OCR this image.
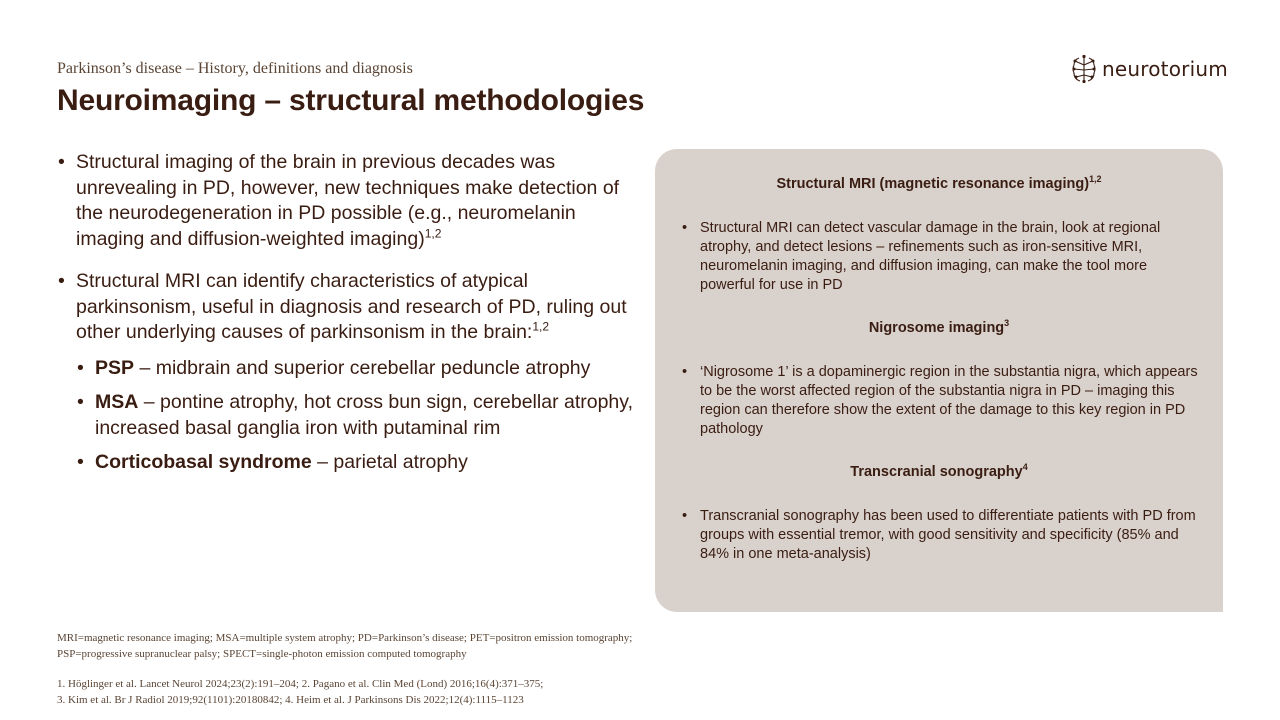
Parkinson’s disease – History, definitions and diagnosis

Neuroimaging – structural methodologies
neurotorium
• Structural imaging of the brain in previous decades was unrevealing in PD, however, new techniques make detection of the neurodegeneration in PD possible (e.g., neuromelanin imaging and diffusion-weighted imaging)$^{1,2}$
• Structural MRI can identify characteristics of atypical parkinsonism, useful in diagnosis and research of PD, ruling out other underlying causes of parkinsonism in the brain:$^{1,2}$
• PSP – midbrain and superior cerebellar peduncle atrophy
• MSA – pontine atrophy, hot cross bun sign, cerebellar atrophy, increased basal ganglia iron with putaminal rim
• Corticobasal syndrome – parietal atrophy
Structural MRI (magnetic resonance imaging)$^{1,2}$
• Structural MRI can detect vascular damage in the brain, look at regional atrophy, and detect lesions – refinements such as iron-sensitive MRI, neuromelanin imaging, and diffusion imaging, can make the tool more powerful for use in PD
Nigrosome imaging$^3$
• ‘Nigrosome 1’ is a dopaminergic region in the substantia nigra, which appears to be the worst affected region of the substantia nigra in PD – imaging this region can therefore show the extent of the damage to this key region in PD pathology
Transcranial sonography$^4$
• Transcranial sonography has been used to differentiate patients with PD from groups with essential tremor, with good sensitivity and specificity (85% and 84% in one meta-analysis)

MRI=magnetic resonance imaging; MSA=multiple system atrophy; PD=Parkinson’s disease; PET=positron emission tomography;

PSP=progressive supranuclear palsy; SPECT=single-photon emission computed tomography

1. Höglinger et al. Lancet Neurol 2024;23(2):191–204; 2. Pagano et al. Clin Med (Lond) 2016;16(4):371–375;

3. Kim et al. Br J Radiol 2019;92(1101):20180842; 4. Heim et al. J Parkinsons Dis 2022;12(4):1115–1123
